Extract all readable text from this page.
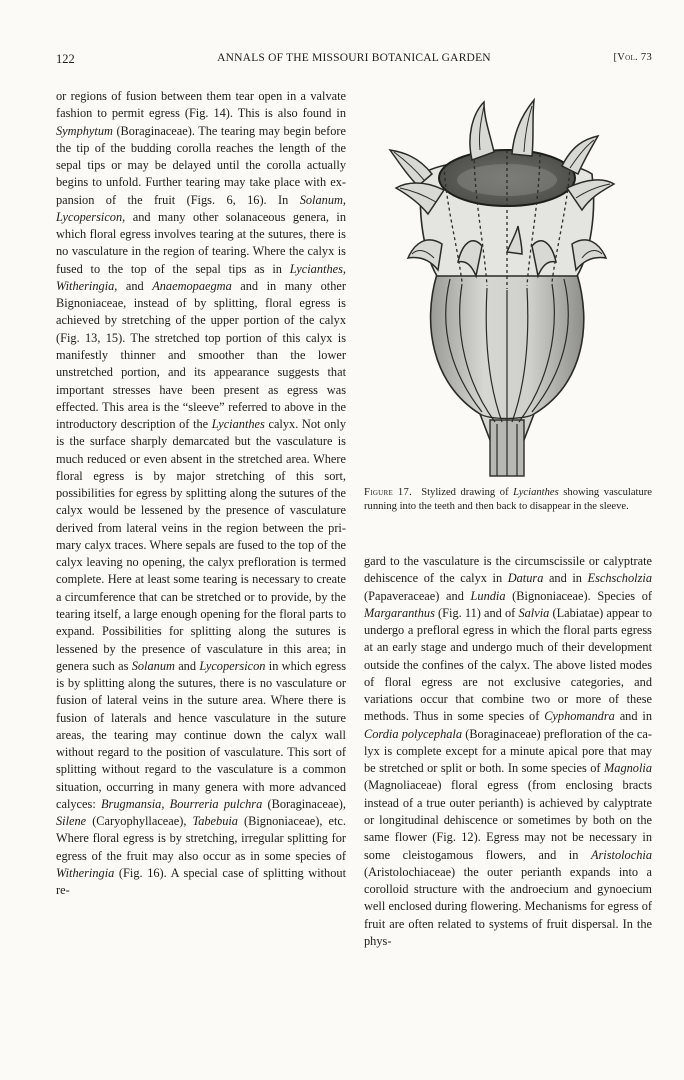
122	ANNALS OF THE MISSOURI BOTANICAL GARDEN	[Vol. 73

or regions of fusion between them tear open in a valvate fashion to permit egress (Fig. 14). This is also found in Symphytum (Boraginaceae). The tearing may begin before the tip of the budding corolla reaches the length of the sepal tips or may be delayed until the corolla actually begins to unfold. Further tearing may take place with expansion of the fruit (Figs. 6, 16). In Solanum, Lycopersicon, and many other solanaceous genera, in which floral egress involves tearing at the sutures, there is no vasculature in the region of tearing. Where the calyx is fused to the top of the sepal tips as in Lycianthes, Witheringia, and Anaemopaegma and in many other Bignoniaceae, instead of by splitting, floral egress is achieved by stretching of the upper portion of the calyx (Fig. 13, 15). The stretched top portion of this calyx is manifestly thinner and smoother than the lower unstretched portion, and its appearance suggests that important stresses have been present as egress was effected. This area is the “sleeve” referred to above in the introductory description of the Lycianthes calyx. Not only is the surface sharply demarcated but the vasculature is much reduced or even absent in the stretched area. Where floral egress is by major stretching of this sort, possibilities for egress by splitting along the sutures of the calyx would be lessened by the presence of vasculature derived from lateral veins in the region between the primary calyx traces. Where sepals are fused to the top of the calyx leaving no opening, the calyx prefloration is termed complete. Here at least some tearing is necessary to create a circumference that can be stretched or to provide, by the tearing itself, a large enough opening for the floral parts to expand. Possibilities for splitting along the sutures is lessened by the presence of vasculature in this area; in genera such as Solanum and Lycopersicon in which egress is by splitting along the sutures, there is no vasculature or fusion of lateral veins in the suture area. Where there is fusion of laterals and hence vasculature in the suture areas, the tearing may continue down the calyx wall without regard to the position of vasculature. This sort of splitting without regard to the vasculature is a common situation, occurring in many genera with more advanced calyces: Brugmansia, Bourreria pulchra (Boraginaceae), Silene (Caryophyllaceae), Tabebuia (Bignoniaceae), etc. Where floral egress is by stretching, irregular splitting for egress of the fruit may also occur as in some species of Witheringia (Fig. 16). A special case of splitting without re-

Figure 17. Stylized drawing of Lycianthes showing vasculature running into the teeth and then back to disappear in the sleeve.

gard to the vasculature is the circumscissile or calyptrate dehiscence of the calyx in Datura and in Eschscholzia (Papaveraceae) and Lundia (Bignoniaceae). Species of Margaranthus (Fig. 11) and of Salvia (Labiatae) appear to undergo a prefloral egress in which the floral parts egress at an early stage and undergo much of their development outside the confines of the calyx. The above listed modes of floral egress are not exclusive categories, and variations occur that combine two or more of these methods. Thus in some species of Cyphomandra and in Cordia polycephala (Boraginaceae) prefloration of the calyx is complete except for a minute apical pore that may be stretched or split or both. In some species of Magnolia (Magnoliaceae) floral egress (from enclosing bracts instead of a true outer perianth) is achieved by calyptrate or longitudinal dehiscence or sometimes by both on the same flower (Fig. 12). Egress may not be necessary in some cleistogamous flowers, and in Aristolochia (Aristolochiaceae) the outer perianth expands into a corolloid structure with the androecium and gynoecium well enclosed during flowering. Mechanisms for egress of fruit are often related to systems of fruit dispersal. In the phys-
